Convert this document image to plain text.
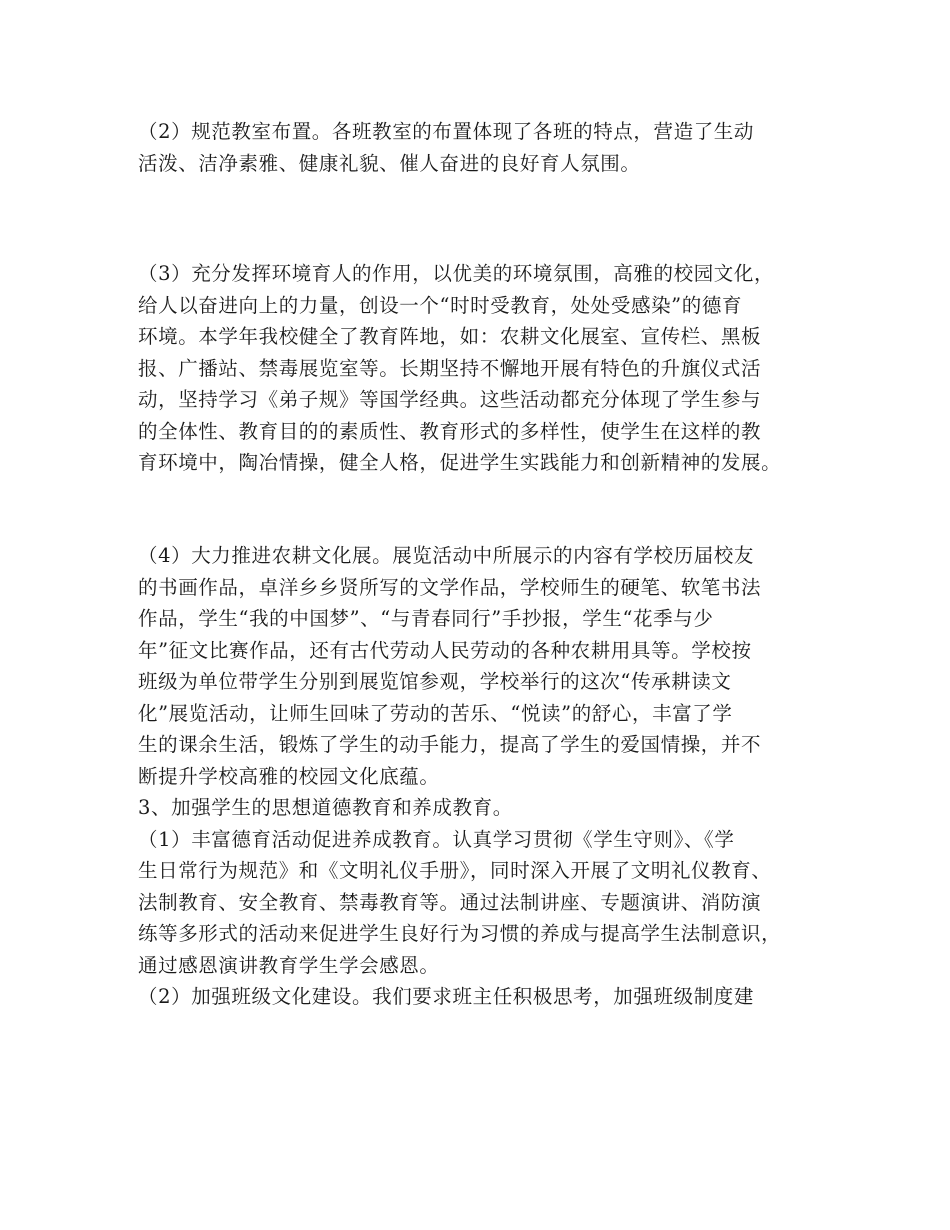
（2）规范教室布置。各班教室的布置体现了各班的特点，营造了生动
活泼、洁净素雅、健康礼貌、催人奋进的良好育人氛围。
（3）充分发挥环境育人的作用，以优美的环境氛围，高雅的校园文化，
给人以奋进向上的力量，创设一个“时时受教育，处处受感染”的德育
环境。本学年我校健全了教育阵地，如：农耕文化展室、宣传栏、黑板
报、广播站、禁毒展览室等。长期坚持不懈地开展有特色的升旗仪式活
动，坚持学习《弟子规》等国学经典。这些活动都充分体现了学生参与
的全体性、教育目的的素质性、教育形式的多样性，使学生在这样的教
育环境中，陶冶情操，健全人格，促进学生实践能力和创新精神的发展。
（4）大力推进农耕文化展。展览活动中所展示的内容有学校历届校友
的书画作品，卓洋乡乡贤所写的文学作品，学校师生的硬笔、软笔书法
作品，学生“我的中国梦”、“与青春同行”手抄报，学生“花季与少
年”征文比赛作品，还有古代劳动人民劳动的各种农耕用具等。学校按
班级为单位带学生分别到展览馆参观，学校举行的这次“传承耕读文
化”展览活动，让师生回味了劳动的苦乐、“悦读”的舒心，丰富了学
生的课余生活，锻炼了学生的动手能力，提高了学生的爱国情操，并不
断提升学校高雅的校园文化底蕴。
3、加强学生的思想道德教育和养成教育。
（1）丰富德育活动促进养成教育。认真学习贯彻《学生守则》、《学
生日常行为规范》和《文明礼仪手册》，同时深入开展了文明礼仪教育、
法制教育、安全教育、禁毒教育等。通过法制讲座、专题演讲、消防演
练等多形式的活动来促进学生良好行为习惯的养成与提高学生法制意识，
通过感恩演讲教育学生学会感恩。
（2）加强班级文化建设。我们要求班主任积极思考，加强班级制度建
